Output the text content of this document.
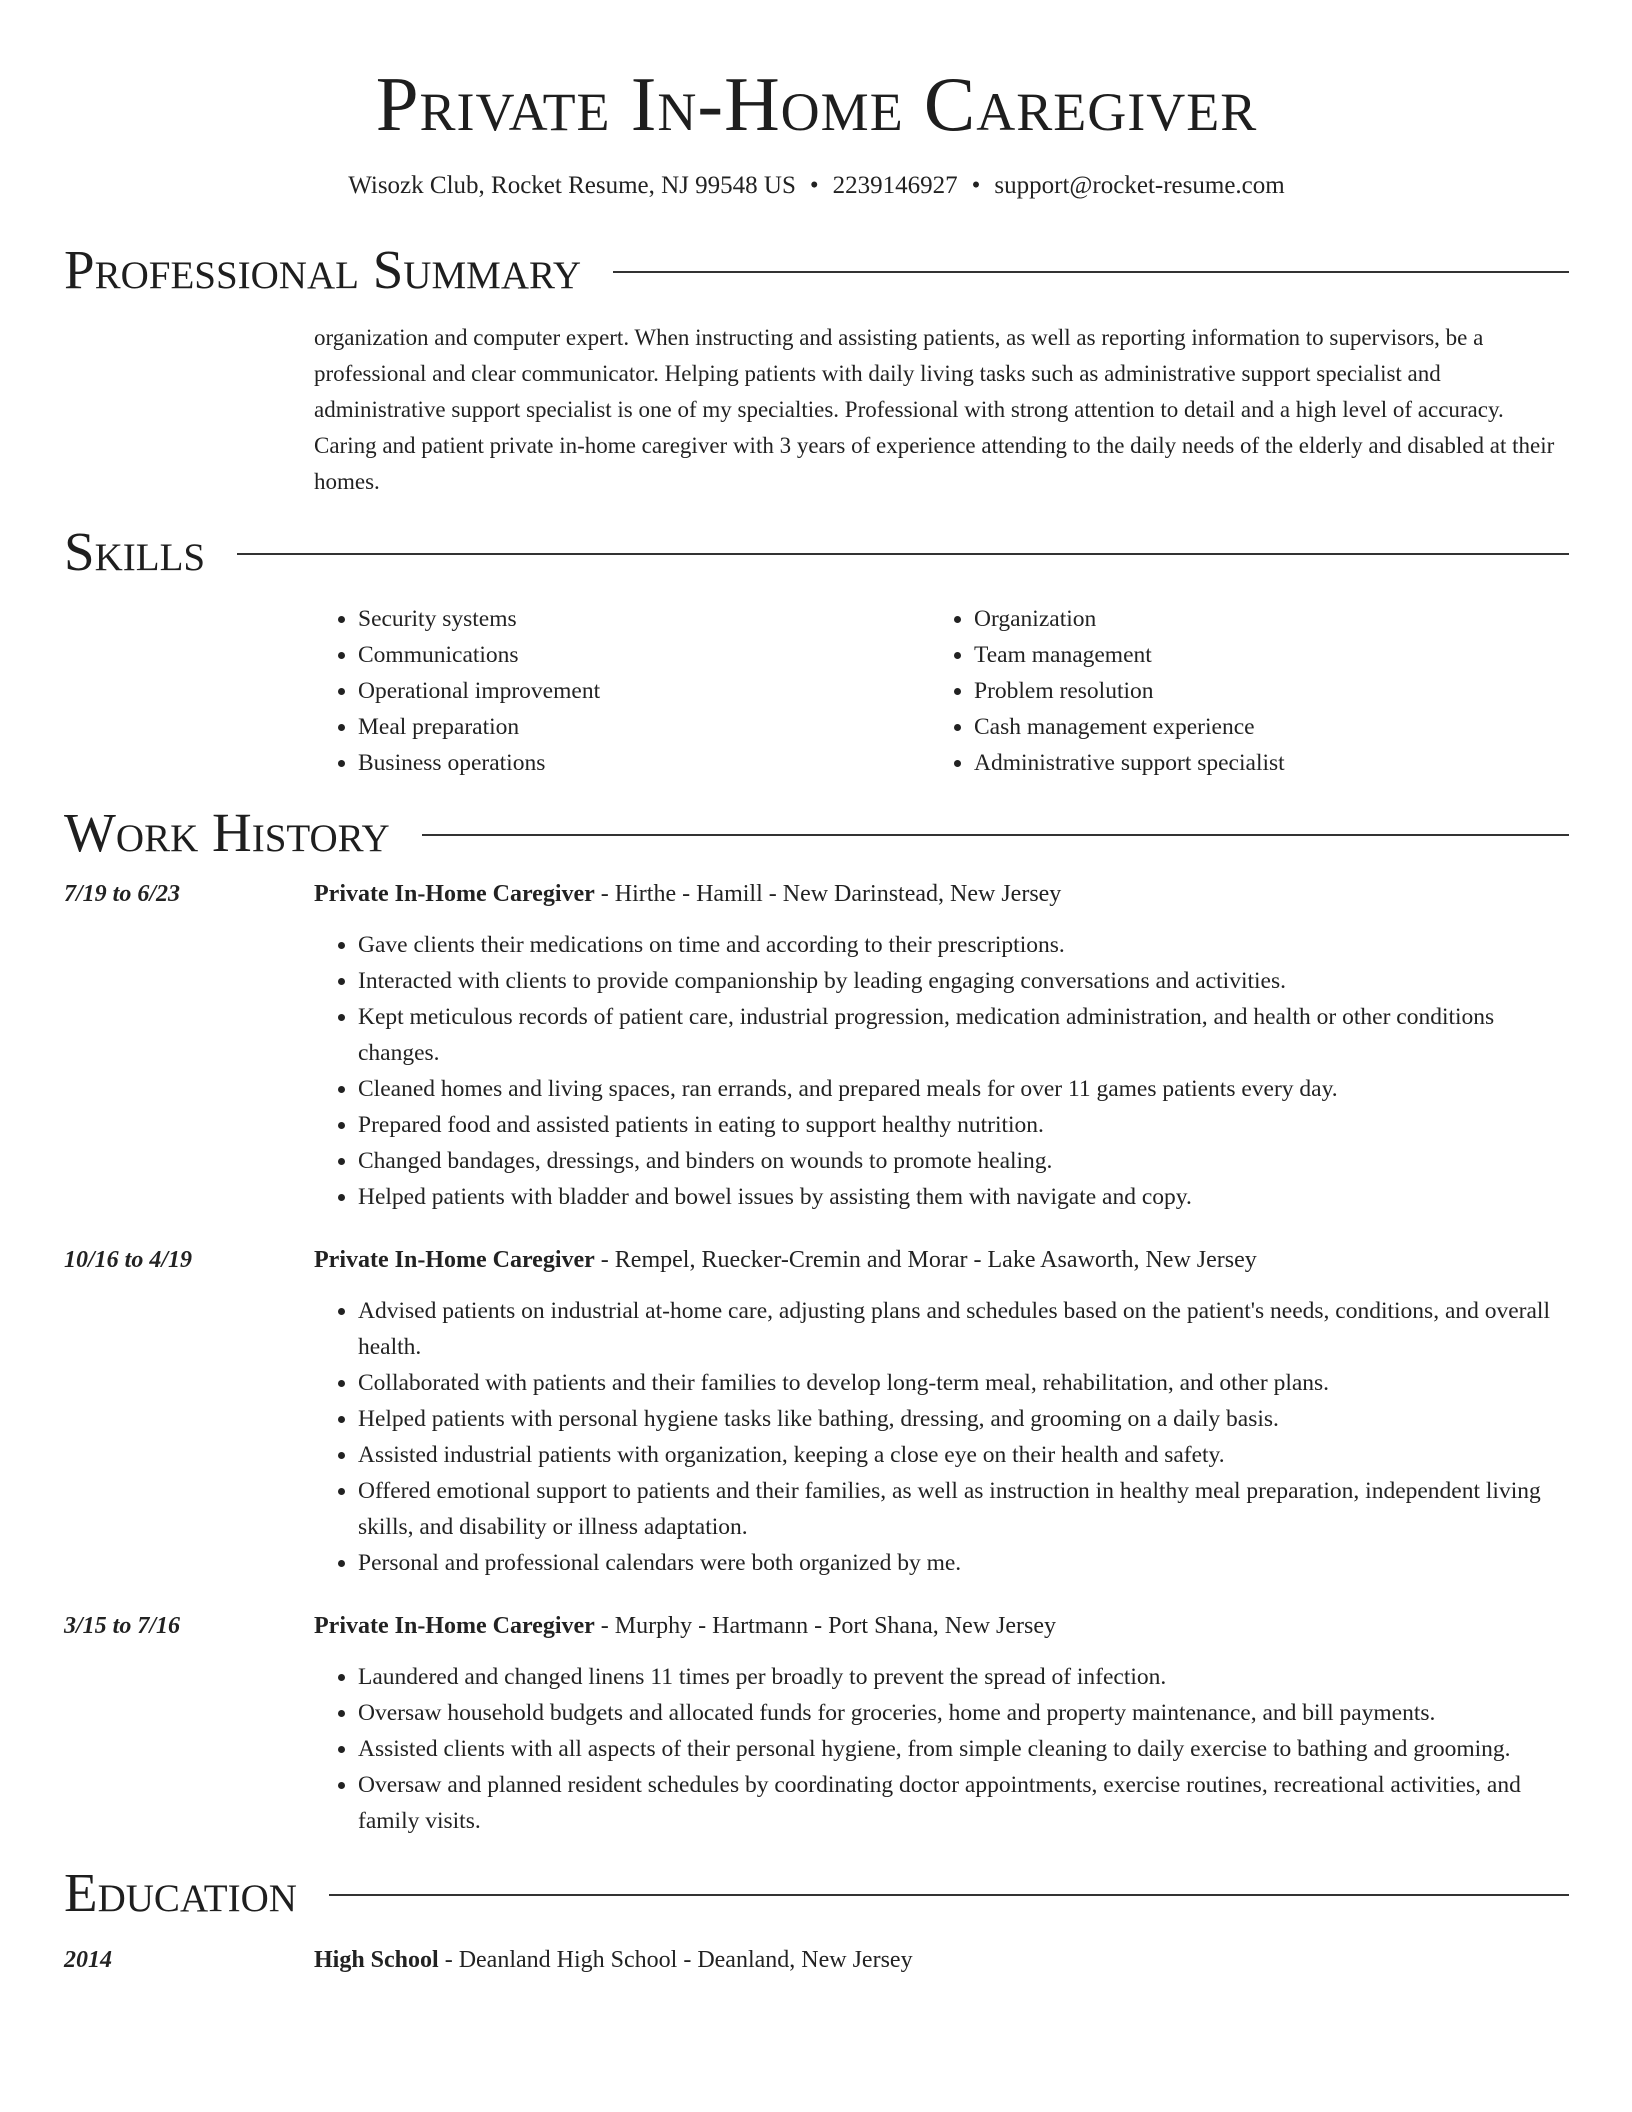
Private In-Home Caregiver
Wisozk Club, Rocket Resume, NJ 99548 US • 2239146927 • support@rocket-resume.com
Professional Summary
organization and computer expert. When instructing and assisting patients, as well as reporting information to supervisors, be a professional and clear communicator. Helping patients with daily living tasks such as administrative support specialist and administrative support specialist is one of my specialties. Professional with strong attention to detail and a high level of accuracy. Caring and patient private in-home caregiver with 3 years of experience attending to the daily needs of the elderly and disabled at their homes.
Skills
• Security systems
• Communications
• Operational improvement
• Meal preparation
• Business operations
• Organization
• Team management
• Problem resolution
• Cash management experience
• Administrative support specialist
Work History
7/19 to 6/23	Private In-Home Caregiver - Hirthe - Hamill - New Darinstead, New Jersey
• Gave clients their medications on time and according to their prescriptions.
• Interacted with clients to provide companionship by leading engaging conversations and activities.
• Kept meticulous records of patient care, industrial progression, medication administration, and health or other conditions changes.
• Cleaned homes and living spaces, ran errands, and prepared meals for over 11 games patients every day.
• Prepared food and assisted patients in eating to support healthy nutrition.
• Changed bandages, dressings, and binders on wounds to promote healing.
• Helped patients with bladder and bowel issues by assisting them with navigate and copy.
10/16 to 4/19	Private In-Home Caregiver - Rempel, Ruecker-Cremin and Morar - Lake Asaworth, New Jersey
• Advised patients on industrial at-home care, adjusting plans and schedules based on the patient's needs, conditions, and overall health.
• Collaborated with patients and their families to develop long-term meal, rehabilitation, and other plans.
• Helped patients with personal hygiene tasks like bathing, dressing, and grooming on a daily basis.
• Assisted industrial patients with organization, keeping a close eye on their health and safety.
• Offered emotional support to patients and their families, as well as instruction in healthy meal preparation, independent living skills, and disability or illness adaptation.
• Personal and professional calendars were both organized by me.
3/15 to 7/16	Private In-Home Caregiver - Murphy - Hartmann - Port Shana, New Jersey
• Laundered and changed linens 11 times per broadly to prevent the spread of infection.
• Oversaw household budgets and allocated funds for groceries, home and property maintenance, and bill payments.
• Assisted clients with all aspects of their personal hygiene, from simple cleaning to daily exercise to bathing and grooming.
• Oversaw and planned resident schedules by coordinating doctor appointments, exercise routines, recreational activities, and family visits.
Education
2014	High School - Deanland High School - Deanland, New Jersey
